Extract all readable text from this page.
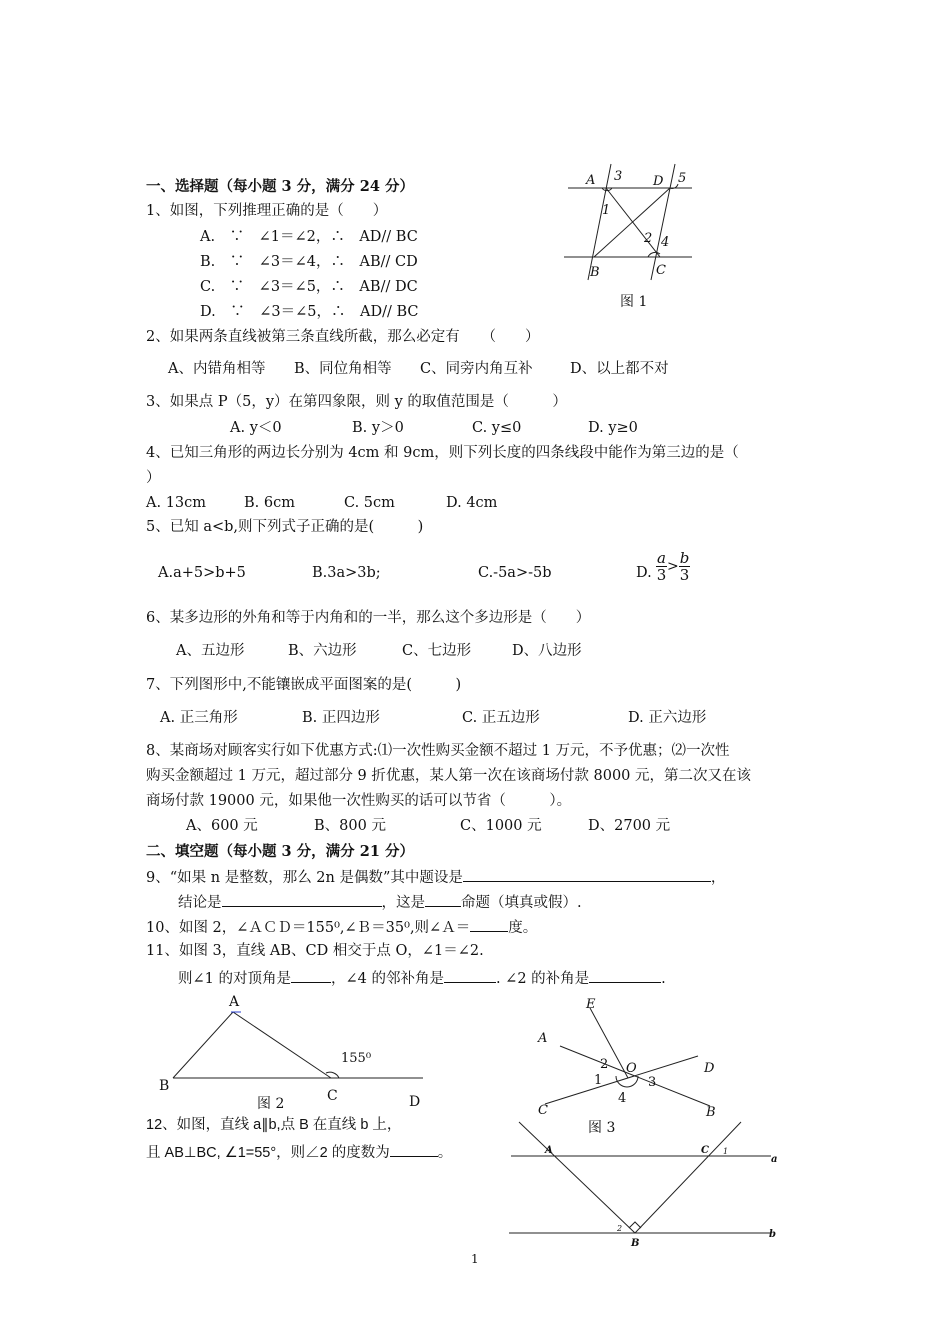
一、选择题（每小题 3 分，满分 24 分）
1、如图，下列推理正确的是（　　）
A.　∵　∠1＝∠2，∴　AD// BC
B.　∵　∠3＝∠4，∴　AB// CD
C.　∵　∠3＝∠5，∴　AB// DC
D.　∵　∠3＝∠5，∴　AD// BC
2、如果两条直线被第三条直线所截，那么必定有　　（　　）
A、内错角相等 B、同位角相等 C、同旁内角互补	D、以上都不对
3、如果点 P（5，y）在第四象限，则 y 的取值范围是（　　　）
A. y＜0	B. y＞0	C. y≤0	D. y≥0
4、已知三角形的两边长分别为 4cm 和 9cm，则下列长度的四条线段中能作为第三边的是（
）
A. 13cm	B. 6cm	C. 5cm	D. 4cm
5、已知 a<b,则下列式子正确的是(　　　)
A.a+5>b+5	B.3a>3b;	C.-5a>-5b	D. $\frac{a}{3} > \frac{b}{3}$
6、某多边形的外角和等于内角和的一半，那么这个多边形是（　　）
A、五边形	B、六边形	C、七边形	D、八边形
7、下列图形中,不能镶嵌成平面图案的是(　　　)
A. 正三角形	B. 正四边形	C. 正五边形	D. 正六边形
8、某商场对顾客实行如下优惠方式:⑴一次性购买金额不超过 1 万元，不予优惠；⑵一次性
购买金额超过 1 万元，超过部分 9 折优惠，某人第一次在该商场付款 8000 元，第二次又在该
商场付款 19000 元，如果他一次性购买的话可以节省（　　　）。
A、600 元	B、800 元	C、1000 元	D、2700 元
二、填空题（每小题 3 分，满分 21 分）
9、“如果 n 是整数，那么 2n 是偶数”其中题设是	，
结论是	，这是 命题（填真或假）.
10、如图 2，∠ＡＣＤ＝155⁰,∠Ｂ＝35⁰,则∠Ａ＝	度。
11、如图 3，直线 AB、CD 相交于点 O，∠1＝∠2.
则∠1 的对顶角是	，∠4 的邻补角是	. ∠2 的补角是	.
12、如图，直线 a∥b,点 B 在直线 b 上，
且 AB⊥BC, ∠1=55°，则∠2 的度数为	。
A 3 D 5
1
2 4
B	C
图 1
A
B
C	D
155⁰
图 2
E
A
D
C	B
O
1
2
3
4
图 3
A	C 1
a
2
B
b
1
